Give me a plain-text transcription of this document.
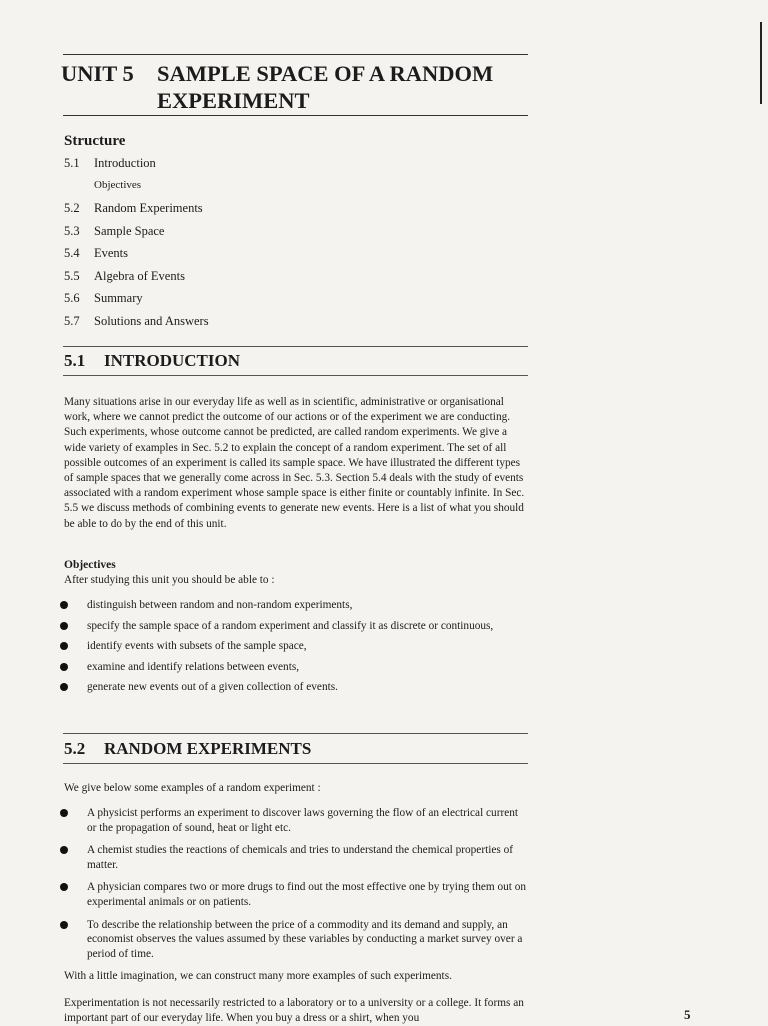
UNIT 5 SAMPLE SPACE OF A RANDOM
EXPERIMENT
Structure
5.1 Introduction
Objectives
5.2 Random Experiments
5.3 Sample Space
5.4 Events
5.5 Algebra of Events
5.6 Summary
5.7 Solutions and Answers
5.1 INTRODUCTION

Many situations arise in our everyday life as well as in scientific, administrative or organisational work, where we cannot predict the outcome of our actions or of the experiment we are conducting. Such experiments, whose outcome cannot be predicted, are called random experiments. We give a wide variety of examples in Sec. 5.2 to explain the concept of a random experiment. The set of all possible outcomes of an experiment is called its sample space. We have illustrated the different types of sample spaces that we generally come across in Sec. 5.3. Section 5.4 deals with the study of events associated with a random experiment whose sample space is either finite or countably infinite. In Sec. 5.5 we discuss methods of combining events to generate new events. Here is a list of what you should be able to do by the end of this unit.

Objectives
After studying this unit you should be able to :
distinguish between random and non-random experiments,
specify the sample space of a random experiment and classify it as discrete or continuous,
identify events with subsets of the sample space,
examine and identify relations between events,
generate new events out of a given collection of events.
5.2 RANDOM EXPERIMENTS

We give below some examples of a random experiment :

A physicist performs an experiment to discover laws governing the flow of an electrical current or the propagation of sound, heat or light etc.
A chemist studies the reactions of chemicals and tries to understand the chemical properties of matter.
A physician compares two or more drugs to find out the most effective one by trying them out on experimental animals or on patients.
To describe the relationship between the price of a commodity and its demand and supply, an economist observes the values assumed by these variables by conducting a market survey over a period of time.

With a little imagination, we can construct many more examples of such experiments.

Experimentation is not necessarily restricted to a laboratory or to a university or a college. It forms an important part of our everyday life. When you buy a dress or a shirt, when you	5
